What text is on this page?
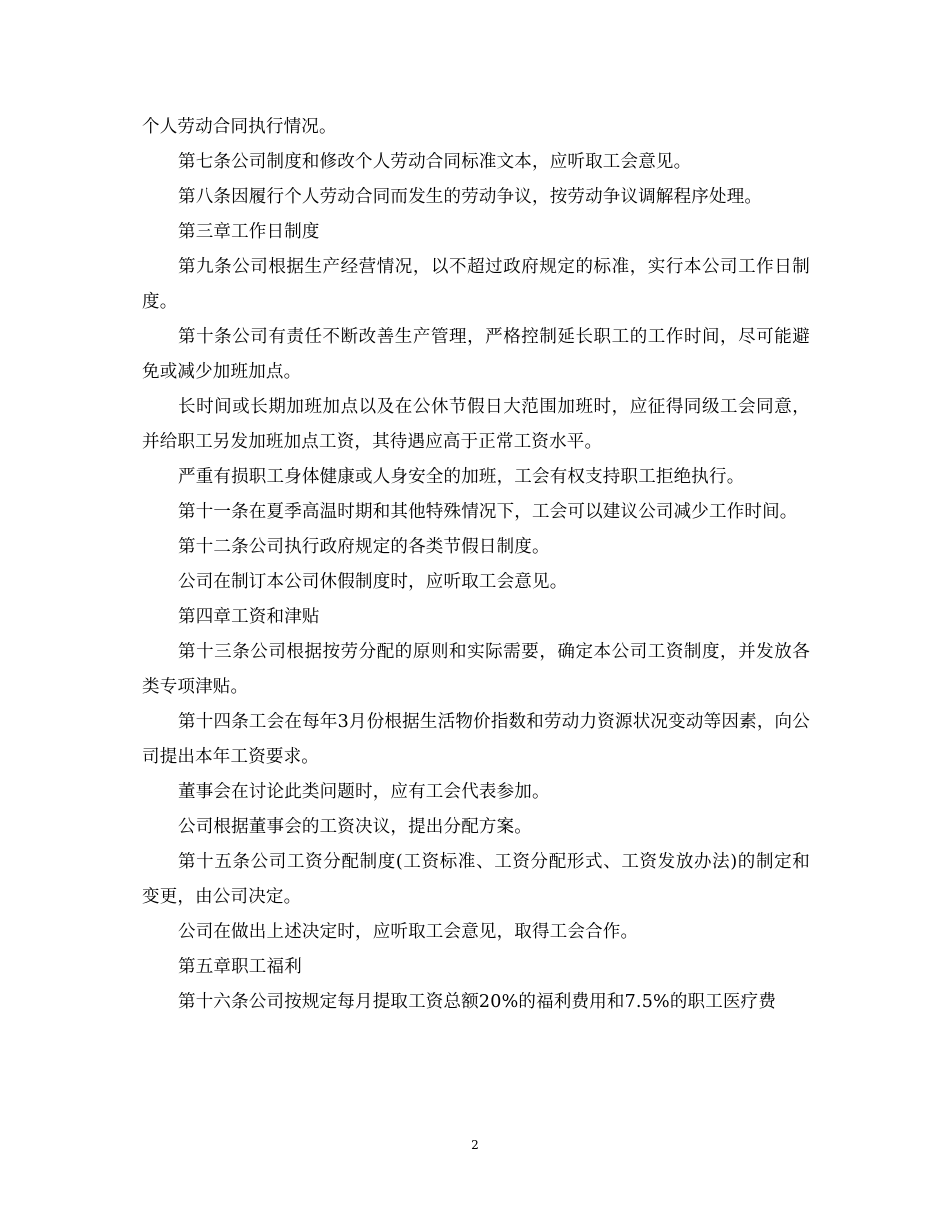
个人劳动合同执行情况。

第七条公司制度和修改个人劳动合同标准文本，应听取工会意见。

第八条因履行个人劳动合同而发生的劳动争议，按劳动争议调解程序处理。

第三章工作日制度

第九条公司根据生产经营情况，以不超过政府规定的标准，实行本公司工作日制度。

第十条公司有责任不断改善生产管理，严格控制延长职工的工作时间，尽可能避免或减少加班加点。

长时间或长期加班加点以及在公休节假日大范围加班时，应征得同级工会同意，并给职工另发加班加点工资，其待遇应高于正常工资水平。

严重有损职工身体健康或人身安全的加班，工会有权支持职工拒绝执行。

第十一条在夏季高温时期和其他特殊情况下，工会可以建议公司减少工作时间。

第十二条公司执行政府规定的各类节假日制度。

公司在制订本公司休假制度时，应听取工会意见。

第四章工资和津贴

第十三条公司根据按劳分配的原则和实际需要，确定本公司工资制度，并发放各类专项津贴。

第十四条工会在每年3月份根据生活物价指数和劳动力资源状况变动等因素，向公司提出本年工资要求。

董事会在讨论此类问题时，应有工会代表参加。

公司根据董事会的工资决议，提出分配方案。

第十五条公司工资分配制度(工资标准、工资分配形式、工资发放办法)的制定和变更，由公司决定。

公司在做出上述决定时，应听取工会意见，取得工会合作。

第五章职工福利

第十六条公司按规定每月提取工资总额20%的福利费用和7.5%的职工医疗费

2
